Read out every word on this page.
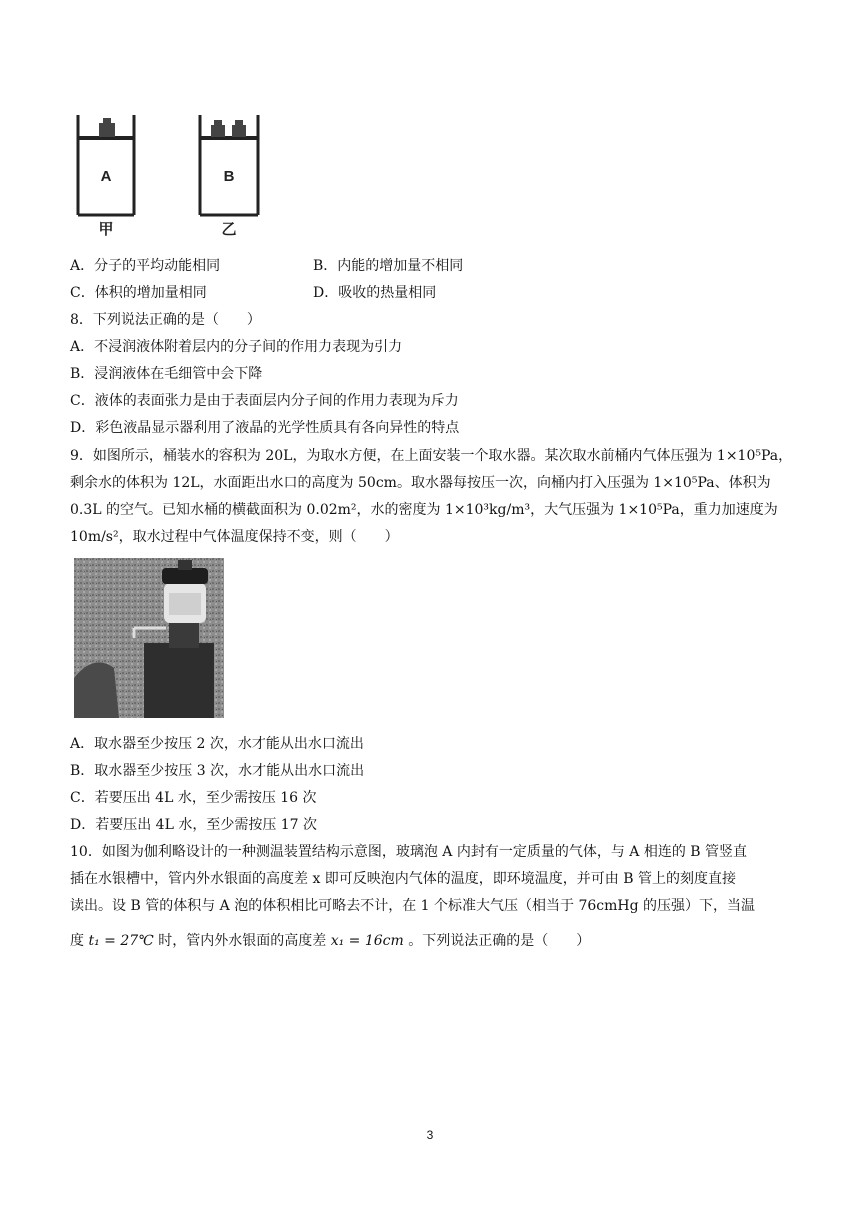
A	B
甲	乙
A．分子的平均动能相同	B．内能的增加量不相同
C．体积的增加量相同	D．吸收的热量相同
8．下列说法正确的是（　　）
A．不浸润液体附着层内的分子间的作用力表现为引力
B．浸润液体在毛细管中会下降
C．液体的表面张力是由于表面层内分子间的作用力表现为斥力
D．彩色液晶显示器利用了液晶的光学性质具有各向异性的特点
9．如图所示，桶装水的容积为 20L，为取水方便，在上面安装一个取水器。某次取水前桶内气体压强为 1×10⁵Pa，
剩余水的体积为 12L，水面距出水口的高度为 50cm。取水器每按压一次，向桶内打入压强为 1×10⁵Pa、体积为
0.3L 的空气。已知水桶的横截面积为 0.02m²，水的密度为 1×10³kg/m³，大气压强为 1×10⁵Pa，重力加速度为
10m/s²，取水过程中气体温度保持不变，则（　　）
A．取水器至少按压 2 次，水才能从出水口流出
B．取水器至少按压 3 次，水才能从出水口流出
C．若要压出 4L 水，至少需按压 16 次
D．若要压出 4L 水，至少需按压 17 次
10．如图为伽利略设计的一种测温装置结构示意图，玻璃泡 A 内封有一定质量的气体，与 A 相连的 B 管竖直
插在水银槽中，管内外水银面的高度差 x 即可反映泡内气体的温度，即环境温度，并可由 B 管上的刻度直接
读出。设 B 管的体积与 A 泡的体积相比可略去不计，在 1 个标准大气压（相当于 76cmHg 的压强）下，当温
度 t₁ = 27℃ 时，管内外水银面的高度差 x₁ = 16cm 。下列说法正确的是（　　）
3
